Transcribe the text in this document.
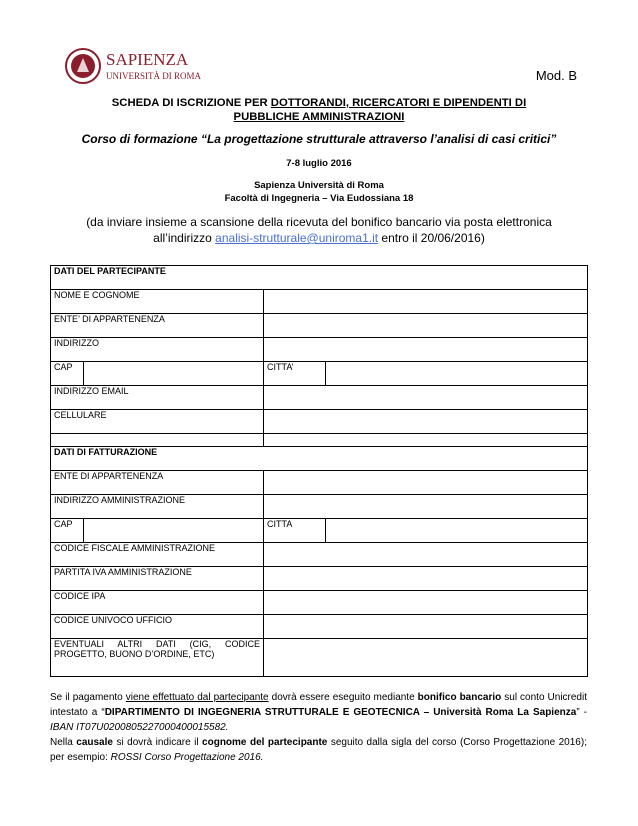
SAPIENZA
UNIVERSITÀ DI ROMA	Mod. B
SCHEDA DI ISCRIZIONE PER DOTTORANDI, RICERCATORI E DIPENDENTI DI
PUBBLICHE AMMINISTRAZIONI
Corso di formazione “La progettazione strutturale attraverso l’analisi di casi critici”
7-8 luglio 2016
Sapienza Università di Roma
Facoltà di Ingegneria – Via Eudossiana 18
(da inviare insieme a scansione della ricevuta del bonifico bancario via posta elettronica
all’indirizzo analisi-strutturale@uniroma1.it entro il 20/06/2016)
DATI DEL PARTECIPANTE			
NOME E COGNOME			
ENTE’ DI APPARTENENZA			
INDIRIZZO			
CAP		CITTA’	
INDIRIZZO EMAIL			
CELLULARE			

DATI DI FATTURAZIONE			
ENTE DI APPARTENENZA			
INDIRIZZO AMMINISTRAZIONE			
CAP		CITTA	
CODICE FISCALE AMMINISTRAZIONE			
PARTITA IVA AMMINISTRAZIONE			
CODICE IPA			
CODICE UNIVOCO UFFICIO			

EVENTUALI ALTRI DATI (CIG, CODICE
PROGETTO, BUONO D’ORDINE, ETC)			

Se il pagamento viene effettuato dal partecipante dovrà essere eseguito mediante bonifico bancario sul conto Unicredit intestato a “DIPARTIMENTO DI INGEGNERIA STRUTTURALE E GEOTECNICA – Università Roma La Sapienza” - IBAN IT07U0200805227000400015582.
Nella causale si dovrà indicare il cognome del partecipante seguito dalla sigla del corso (Corso Progettazione 2016); per esempio: ROSSI Corso Progettazione 2016.
